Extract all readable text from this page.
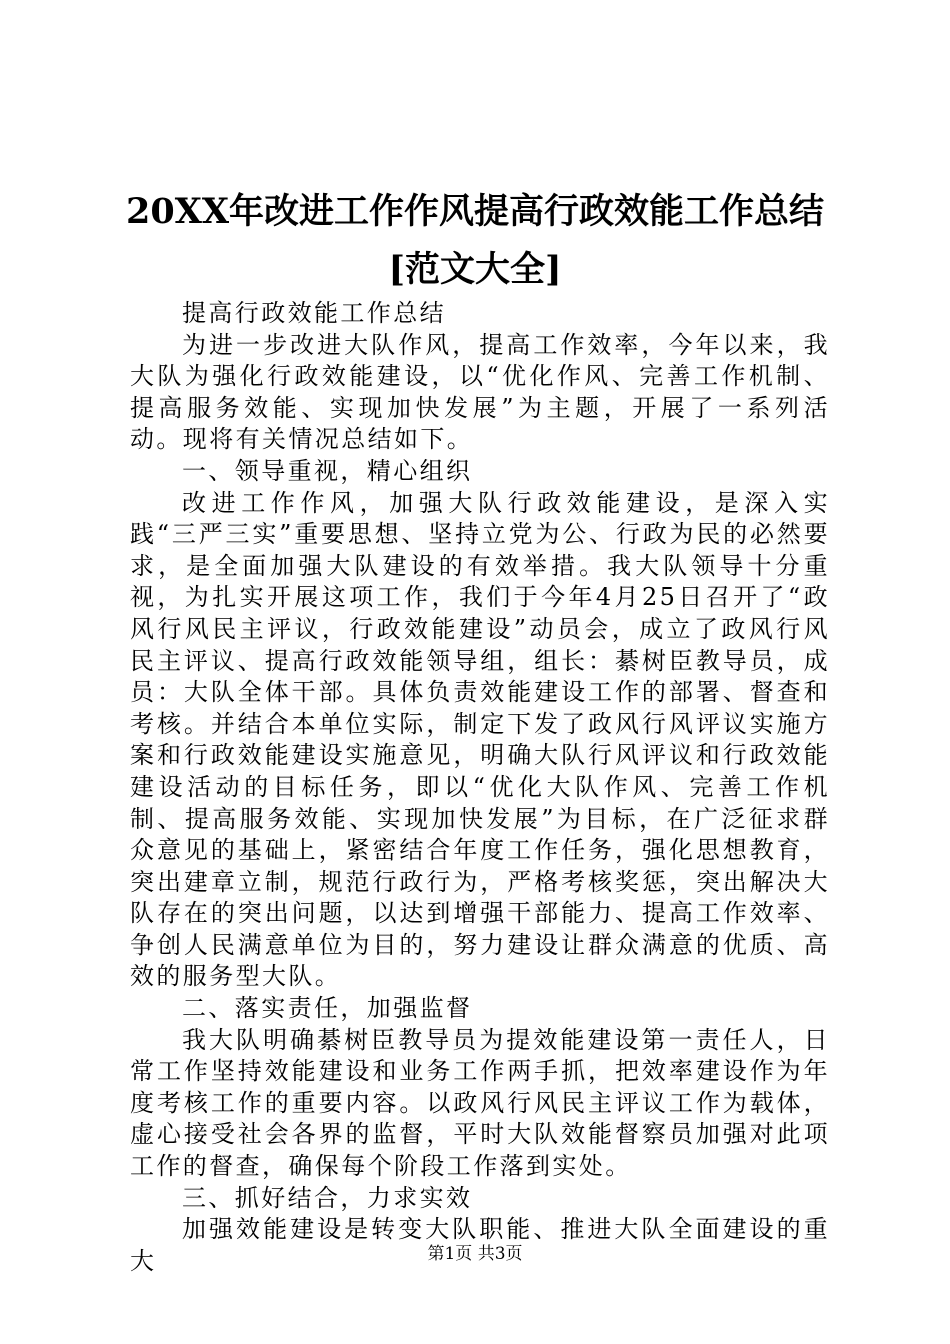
20XX年改进工作作风提高行政效能工作总结
[范文大全]

提高行政效能工作总结

为进一步改进大队作风，提高工作效率，今年以来，我大队为强化行政效能建设，以“优化作风、完善工作机制、提高服务效能、实现加快发展”为主题，开展了一系列活动。现将有关情况总结如下。

一、领导重视，精心组织

改进工作作风，加强大队行政效能建设，是深入实践“三严三实”重要思想、坚持立党为公、行政为民的必然要求，是全面加强大队建设的有效举措。我大队领导十分重视，为扎实开展这项工作，我们于今年4月25日召开了“政风行风民主评议，行政效能建设”动员会，成立了政风行风民主评议、提高行政效能领导组，组长：綦树臣教导员，成员：大队全体干部。具体负责效能建设工作的部署、督查和考核。并结合本单位实际，制定下发了政风行风评议实施方案和行政效能建设实施意见，明确大队行风评议和行政效能建设活动的目标任务，即以“优化大队作风、完善工作机制、提高服务效能、实现加快发展”为目标，在广泛征求群众意见的基础上，紧密结合年度工作任务，强化思想教育，突出建章立制，规范行政行为，严格考核奖惩，突出解决大队存在的突出问题，以达到增强干部能力、提高工作效率、争创人民满意单位为目的，努力建设让群众满意的优质、高效的服务型大队。

二、落实责任，加强监督

我大队明确綦树臣教导员为提效能建设第一责任人，日常工作坚持效能建设和业务工作两手抓，把效率建设作为年度考核工作的重要内容。以政风行风民主评议工作为载体，虚心接受社会各界的监督，平时大队效能督察员加强对此项工作的督查，确保每个阶段工作落到实处。

三、抓好结合，力求实效

加强效能建设是转变大队职能、推进大队全面建设的重大	第1页 共3页
